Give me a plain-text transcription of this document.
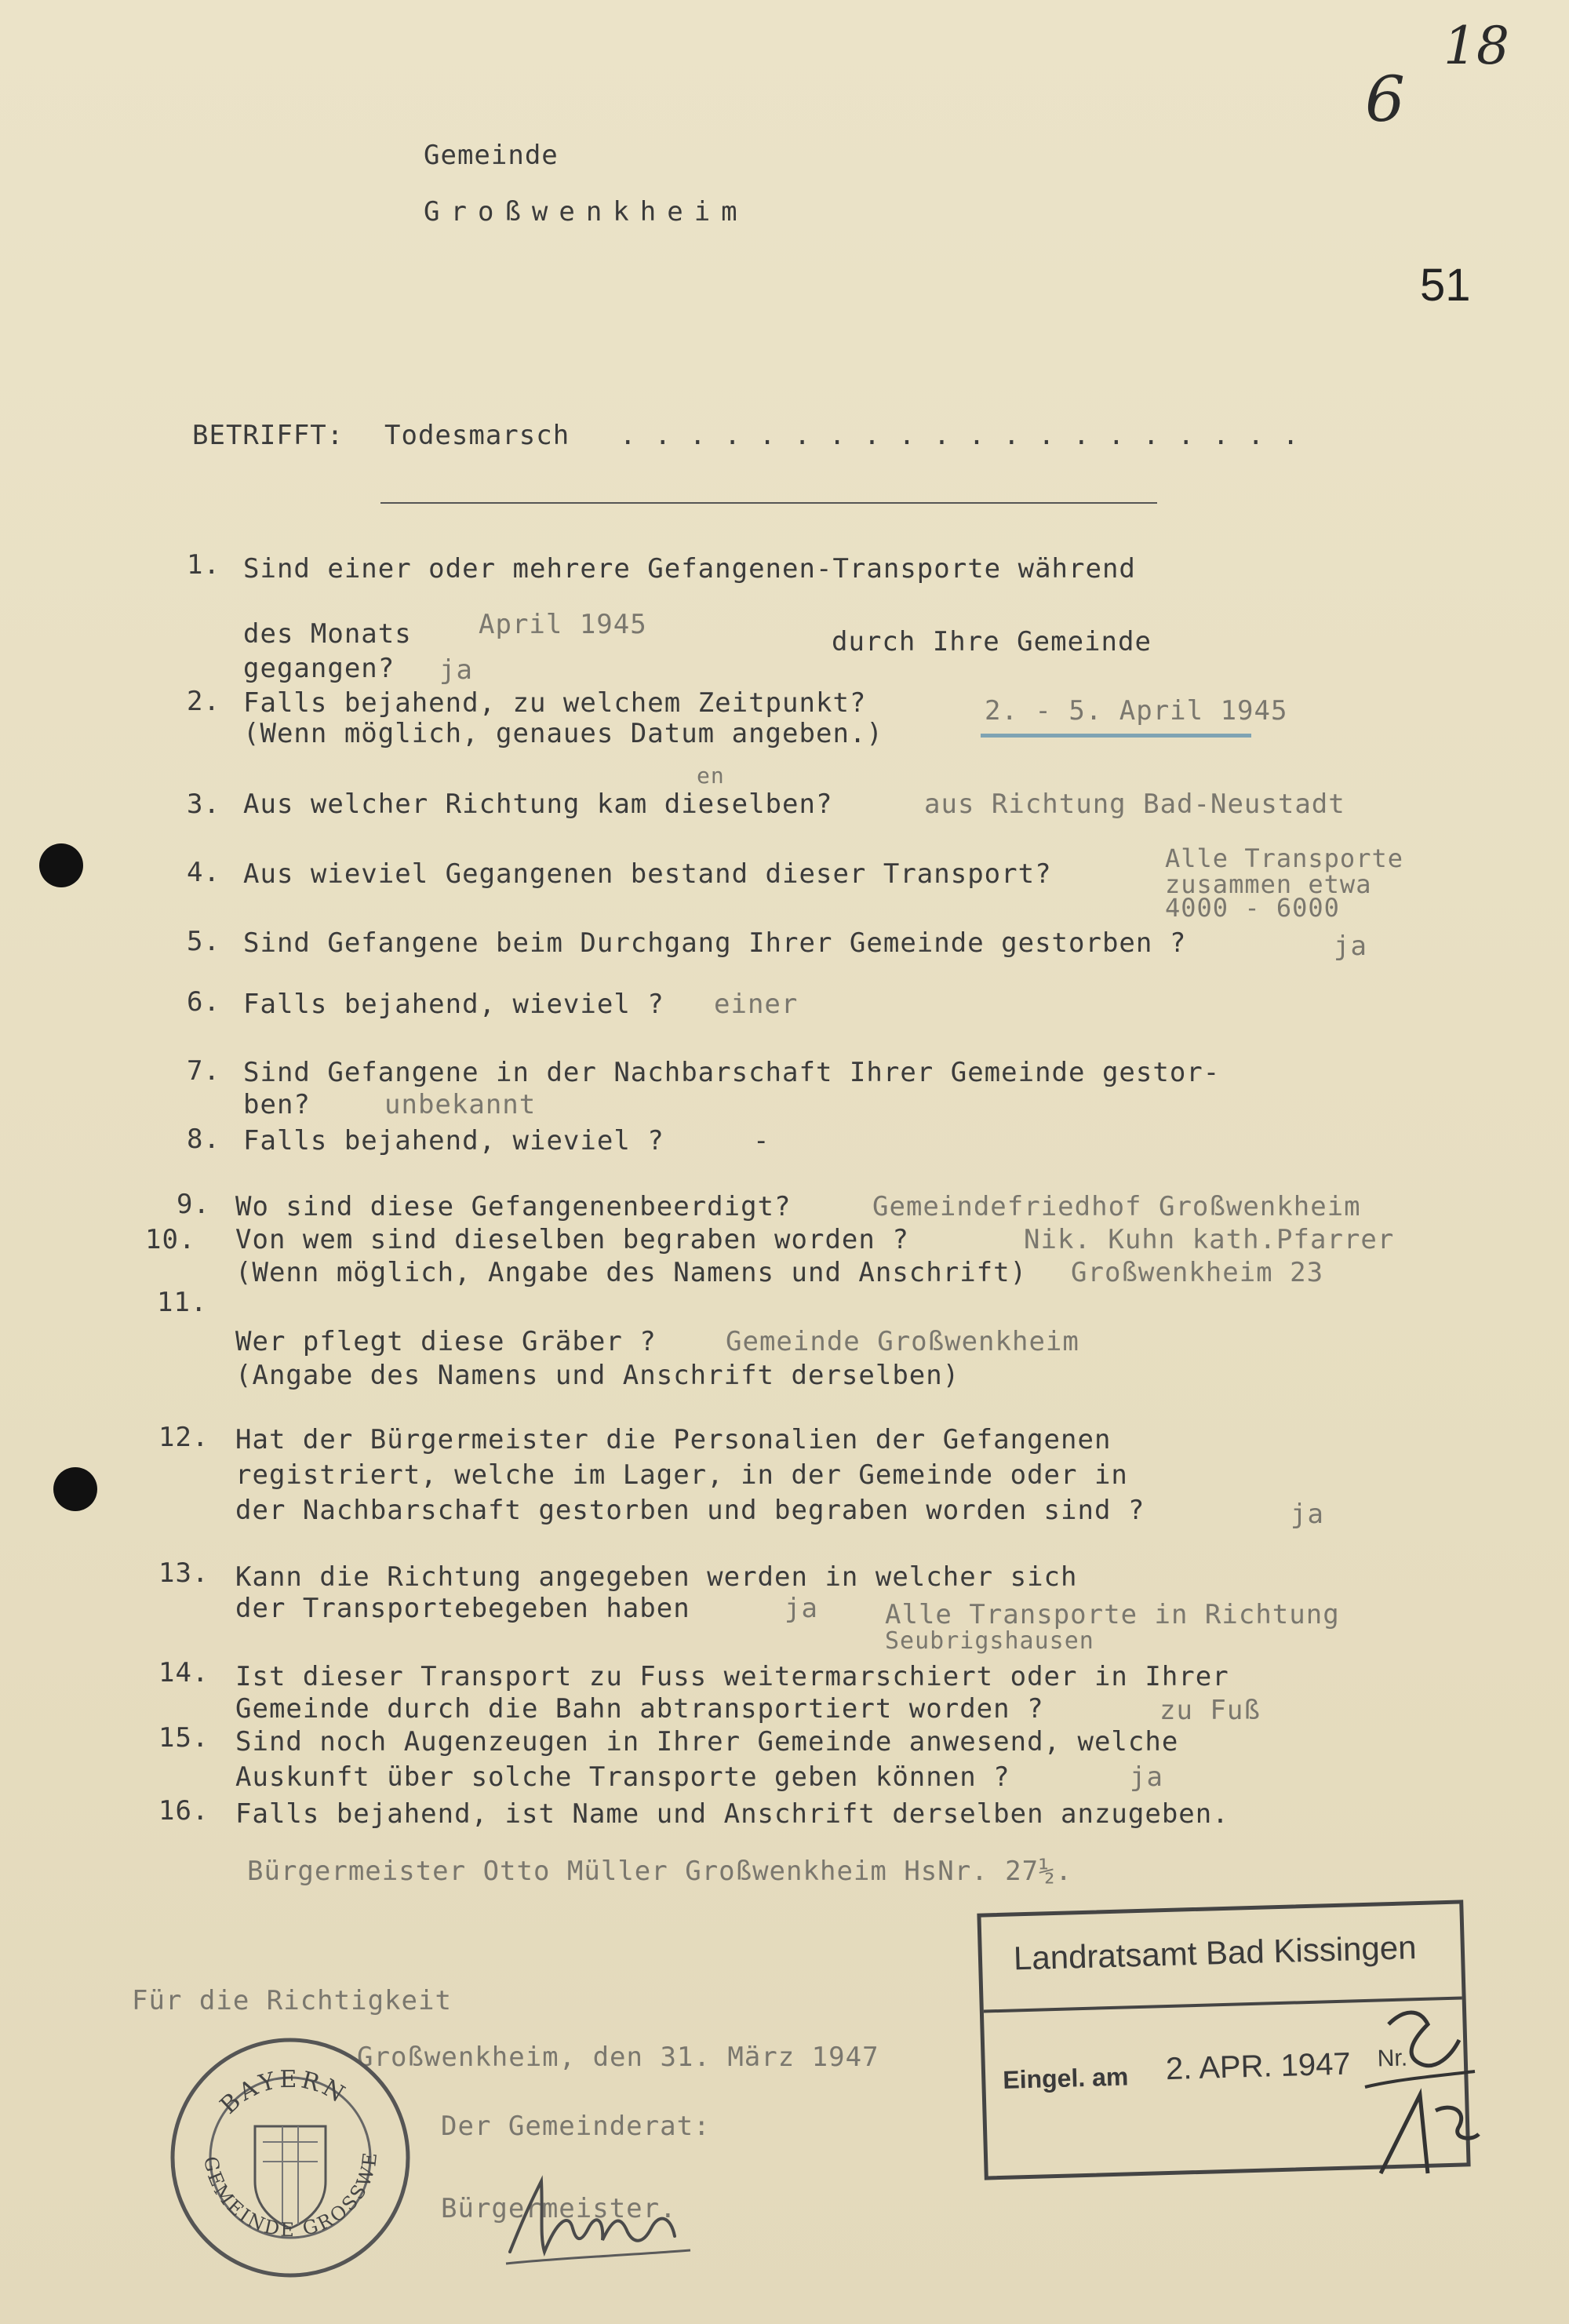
Gemeinde
Großwenkheim
51
6
18
BETRIFFT: Todesmarsch ....................
1. Sind einer oder mehrere Gefangenen-Transporte während
des Monats	April 1945
durch Ihre Gemeinde
gegangen? ja
2. Falls bejahend, zu welchem Zeitpunkt?
(Wenn möglich, genaues Datum angeben.)
2. - 5. April 1945
3. Aus welcher Richtung kam dieselben?
en
aus Richtung Bad-Neustadt
4. Aus wieviel Gegangenen bestand dieser Transport?	Alle Transporte
zusammen etwa
4000 - 6000
5. Sind Gefangene beim Durchgang Ihrer Gemeinde gestorben ?	ja
6. Falls bejahend, wieviel ? einer
7. Sind Gefangene in der Nachbarschaft Ihrer Gemeinde gestor-
ben?	unbekannt
8. Falls bejahend, wieviel ?	-
9. Wo sind diese Gefangenenbeerdigt?	Gemeindefriedhof Großwenkheim
10. Von wem sind dieselben begraben worden ?
(Wenn möglich, Angabe des Namens und Anschrift)
Nik. Kuhn kath.Pfarrer
Großwenkheim 23
11.
Wer pflegt diese Gräber ?	Gemeinde Großwenkheim
(Angabe des Namens und Anschrift derselben)
12. Hat der Bürgermeister die Personalien der Gefangenen
registriert, welche im Lager, in der Gemeinde oder in
der Nachbarschaft gestorben und begraben worden sind ?	ja
13. Kann die Richtung angegeben werden in welcher sich
der Transportebegeben haben	ja	Alle Transporte in Richtung
Seubrigshausen
14. Ist dieser Transport zu Fuss weitermarschiert oder in Ihrer
Gemeinde durch die Bahn abtransportiert worden ?	zu Fuß
15. Sind noch Augenzeugen in Ihrer Gemeinde anwesend, welche
Auskunft über solche Transporte geben können ?	ja
16. Falls bejahend, ist Name und Anschrift derselben anzugeben.
Bürgermeister Otto Müller Großwenkheim HsNr. 27½.
Für die Richtigkeit
Großwenkheim, den 31. März 1947
Der Gemeinderat:
Bürgermeister.
BAYERN
GEMEINDE GROSSWE
Landratsamt Bad Kissingen
Eingel. am 2. APR. 1947 Nr.
